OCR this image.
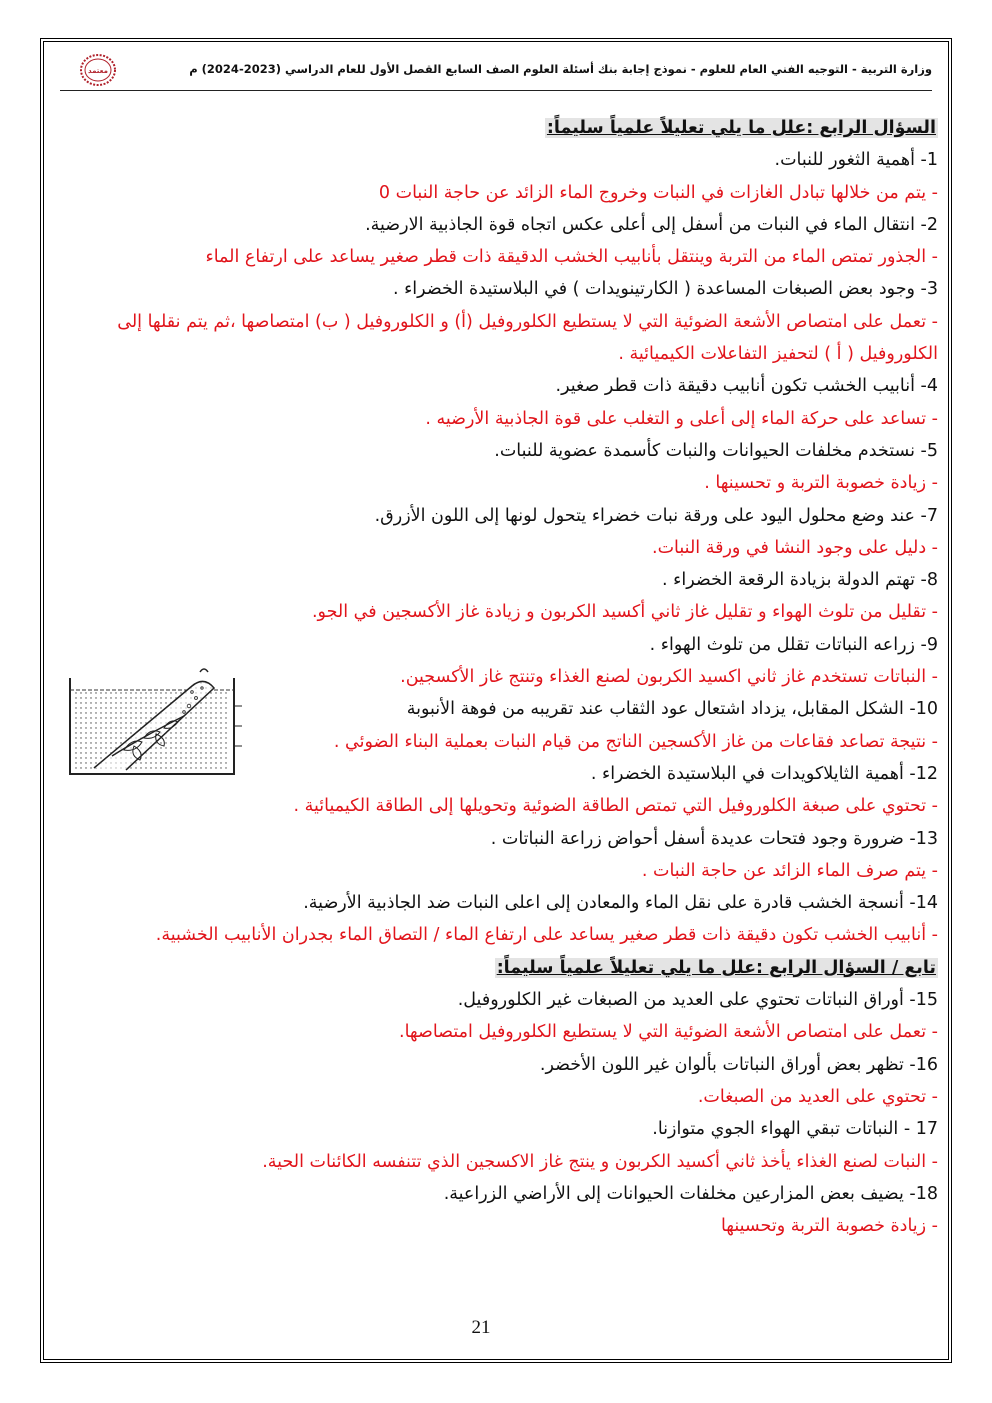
وزارة التربية - التوجيه الفني العام للعلوم - نموذج إجابة بنك أسئلة العلوم الصف السابع القصل الأول للعام الدراسي (2023-2024) م
معتمد
السؤال الرابع :علل ما يلي تعليلاً علمياً سليماً:
1- أهمية الثغور للنبات.
- يتم من خلالها تبادل الغازات في النبات وخروج الماء الزائد عن حاجة النبات 0
2- انتقال الماء في النبات من أسفل إلى أعلى عكس اتجاه قوة الجاذبية الارضية.
- الجذور تمتص الماء من التربة وينتقل بأنابيب الخشب الدقيقة ذات قطر صغير يساعد على ارتفاع الماء
3- وجود بعض الصبغات المساعدة ( الكارتينويدات ) في البلاستيدة الخضراء .
- تعمل على امتصاص الأشعة الضوئية التي لا يستطيع الكلوروفيل (أ) و الكلوروفيل ( ب) امتصاصها ،ثم يتم نقلها إلى
الكلوروفيل ( أ ) لتحفيز التفاعلات الكيميائية .
4- أنابيب الخشب تكون أنابيب دقيقة ذات قطر صغير.
- تساعد على حركة الماء إلى أعلى و التغلب على قوة الجاذبية الأرضيه .
5- نستخدم مخلفات الحيوانات والنبات كأسمدة عضوية للنبات.
- زيادة خصوبة التربة و تحسينها .
7- عند وضع محلول اليود على ورقة نبات خضراء يتحول لونها إلى اللون الأزرق.
- دليل على وجود النشا في ورقة النبات.
8- تهتم الدولة بزيادة الرقعة الخضراء .
- تقليل من تلوث الهواء و تقليل غاز ثاني أكسيد الكربون و زيادة غاز الأكسجين في الجو.
9- زراعه النباتات تقلل من تلوث الهواء .
- النباتات تستخدم غاز ثاني اكسيد الكربون لصنع الغذاء وتنتج غاز الأكسجين.
10- الشكل المقابل، يزداد اشتعال عود الثقاب عند تقريبه من فوهة الأنبوبة
- نتيجة تصاعد فقاعات من غاز الأكسجين الناتج من قيام النبات بعملية البناء الضوئي .
12- أهمية الثايلاكويدات في البلاستيدة الخضراء .
- تحتوي على صبغة الكلوروفيل التي تمتص الطاقة الضوئية وتحويلها إلى الطاقة الكيميائية .
13- ضرورة وجود فتحات عديدة أسفل أحواض زراعة النباتات .
- يتم صرف الماء الزائد عن حاجة النبات .
14- أنسجة الخشب قادرة على نقل الماء والمعادن إلى اعلى النبات ضد الجاذبية الأرضية.
- أنابيب الخشب تكون دقيقة ذات قطر صغير يساعد على ارتفاع الماء / التصاق الماء بجدران الأنابيب الخشبية.
تابع / السؤال الرابع :علل ما يلي تعليلاً علمياً سليماً:
15- أوراق النباتات تحتوي على العديد من الصبغات غير الكلوروفيل.
- تعمل على امتصاص الأشعة الضوئية التي لا يستطيع الكلوروفيل امتصاصها.
16- تظهر بعض أوراق النباتات بألوان غير اللون الأخضر.
- تحتوي على العديد من الصبغات.
17 - النباتات تبقي الهواء الجوي متوازنا.
- النبات لصنع الغذاء يأخذ ثاني أكسيد الكربون و ينتج غاز الاكسجين الذي تتنفسه الكائنات الحية.
18- يضيف بعض المزارعين مخلفات الحيوانات إلى الأراضي الزراعية.
- زيادة خصوبة التربة وتحسينها
21
